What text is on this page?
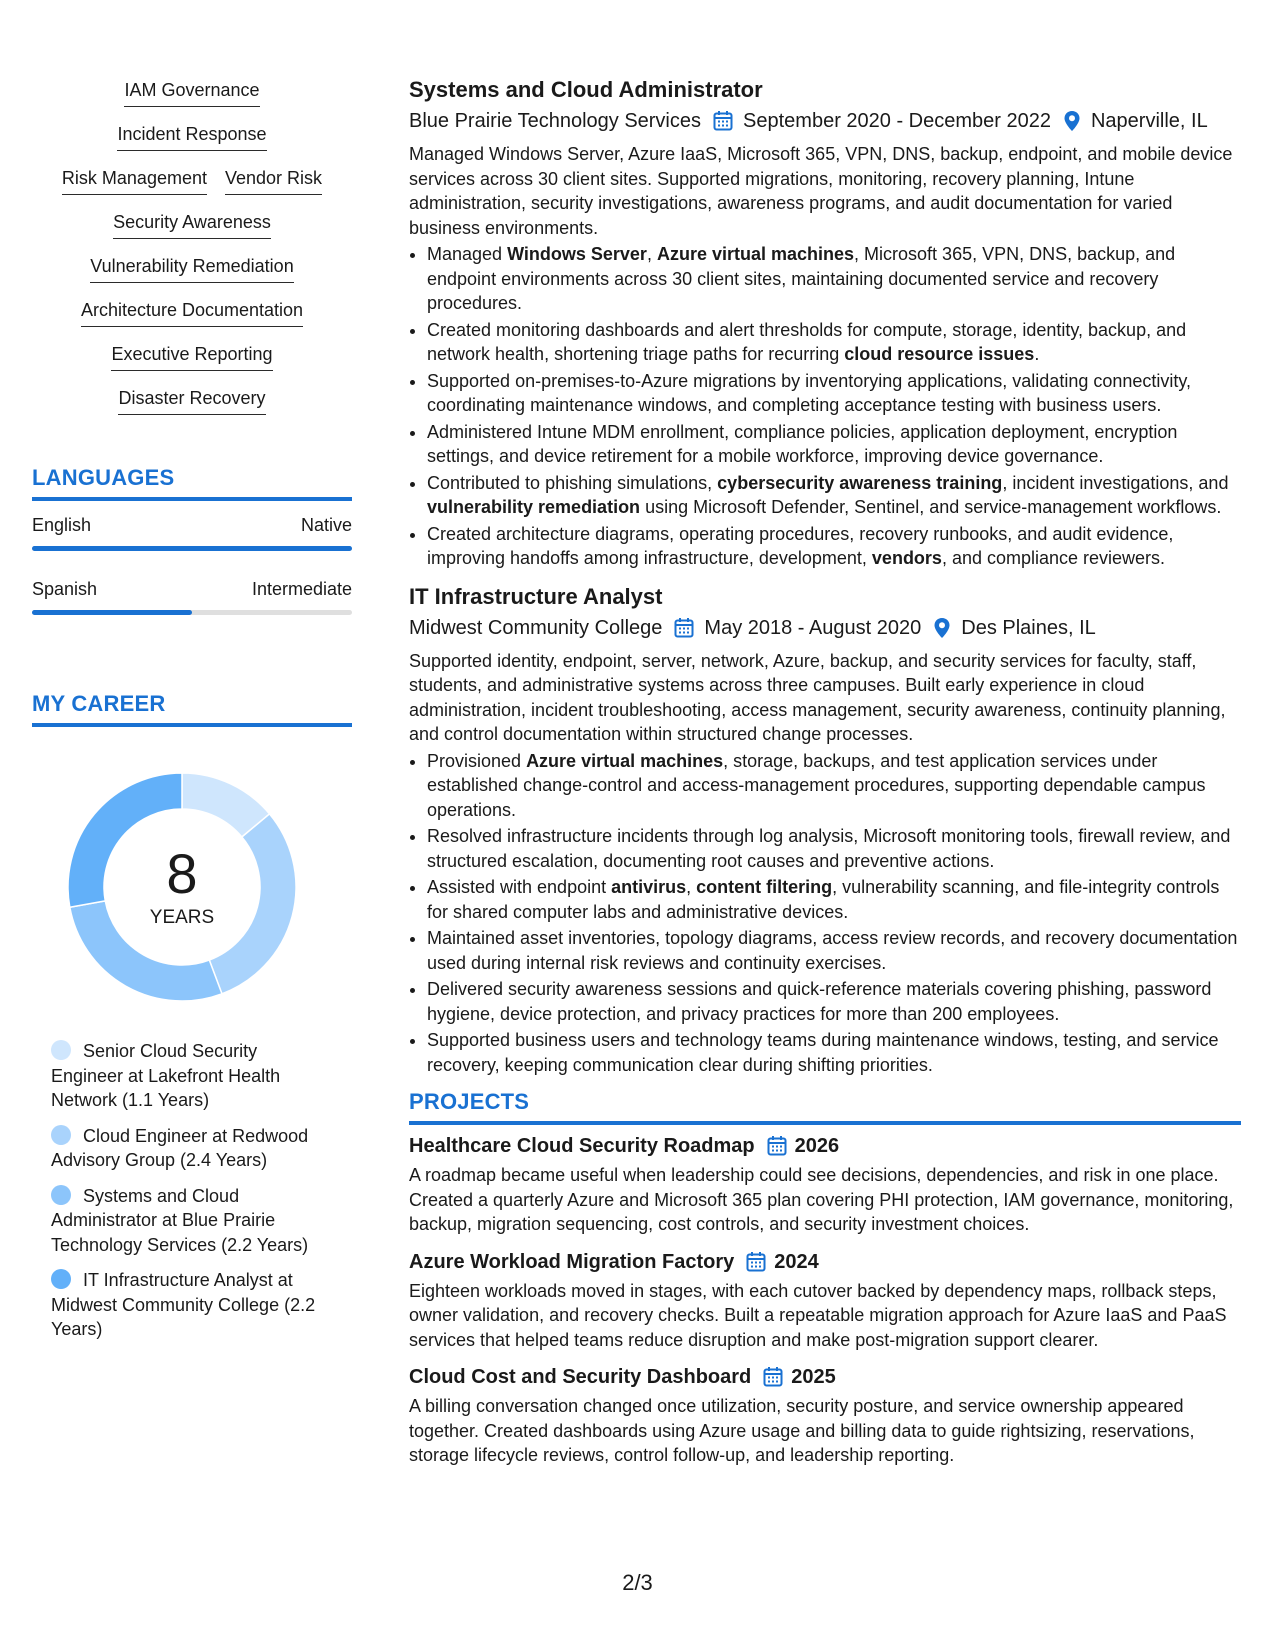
IAM Governance
Incident Response
Risk Management Vendor Risk
Security Awareness
Vulnerability Remediation
Architecture Documentation
Executive Reporting
Disaster Recovery
LANGUAGES
English	Native
Spanish	Intermediate
MY CAREER
8
YEARS
Senior Cloud Security Engineer at Lakefront Health Network (1.1 Years)
Cloud Engineer at Redwood Advisory Group (2.4 Years)
Systems and Cloud Administrator at Blue Prairie Technology Services (2.2 Years)
IT Infrastructure Analyst at Midwest Community College (2.2 Years)
Systems and Cloud Administrator
Blue Prairie Technology Services September 2020 - December 2022 Naperville, IL
Managed Windows Server, Azure IaaS, Microsoft 365, VPN, DNS, backup, endpoint, and mobile device services across 30 client sites. Supported migrations, monitoring, recovery planning, Intune administration, security investigations, awareness programs, and audit documentation for varied business environments.
• Managed Windows Server, Azure virtual machines, Microsoft 365, VPN, DNS, backup, and endpoint environments across 30 client sites, maintaining documented service and recovery procedures.
• Created monitoring dashboards and alert thresholds for compute, storage, identity, backup, and network health, shortening triage paths for recurring cloud resource issues.
• Supported on-premises-to-Azure migrations by inventorying applications, validating connectivity, coordinating maintenance windows, and completing acceptance testing with business users.
• Administered Intune MDM enrollment, compliance policies, application deployment, encryption settings, and device retirement for a mobile workforce, improving device governance.
• Contributed to phishing simulations, cybersecurity awareness training, incident investigations, and vulnerability remediation using Microsoft Defender, Sentinel, and service-management workflows.
• Created architecture diagrams, operating procedures, recovery runbooks, and audit evidence, improving handoffs among infrastructure, development, vendors, and compliance reviewers.
IT Infrastructure Analyst
Midwest Community College May 2018 - August 2020 Des Plaines, IL
Supported identity, endpoint, server, network, Azure, backup, and security services for faculty, staff, students, and administrative systems across three campuses. Built early experience in cloud administration, incident troubleshooting, access management, security awareness, continuity planning, and control documentation within structured change processes.
• Provisioned Azure virtual machines, storage, backups, and test application services under established change-control and access-management procedures, supporting dependable campus operations.
• Resolved infrastructure incidents through log analysis, Microsoft monitoring tools, firewall review, and structured escalation, documenting root causes and preventive actions.
• Assisted with endpoint antivirus, content filtering, vulnerability scanning, and file-integrity controls for shared computer labs and administrative devices.
• Maintained asset inventories, topology diagrams, access review records, and recovery documentation used during internal risk reviews and continuity exercises.
• Delivered security awareness sessions and quick-reference materials covering phishing, password hygiene, device protection, and privacy practices for more than 200 employees.
• Supported business users and technology teams during maintenance windows, testing, and service recovery, keeping communication clear during shifting priorities.
PROJECTS
Healthcare Cloud Security Roadmap 2026
A roadmap became useful when leadership could see decisions, dependencies, and risk in one place. Created a quarterly Azure and Microsoft 365 plan covering PHI protection, IAM governance, monitoring, backup, migration sequencing, cost controls, and security investment choices.
Azure Workload Migration Factory 2024
Eighteen workloads moved in stages, with each cutover backed by dependency maps, rollback steps, owner validation, and recovery checks. Built a repeatable migration approach for Azure IaaS and PaaS services that helped teams reduce disruption and make post-migration support clearer.
Cloud Cost and Security Dashboard 2025
A billing conversation changed once utilization, security posture, and service ownership appeared together. Created dashboards using Azure usage and billing data to guide rightsizing, reservations, storage lifecycle reviews, control follow-up, and leadership reporting.
2/3
